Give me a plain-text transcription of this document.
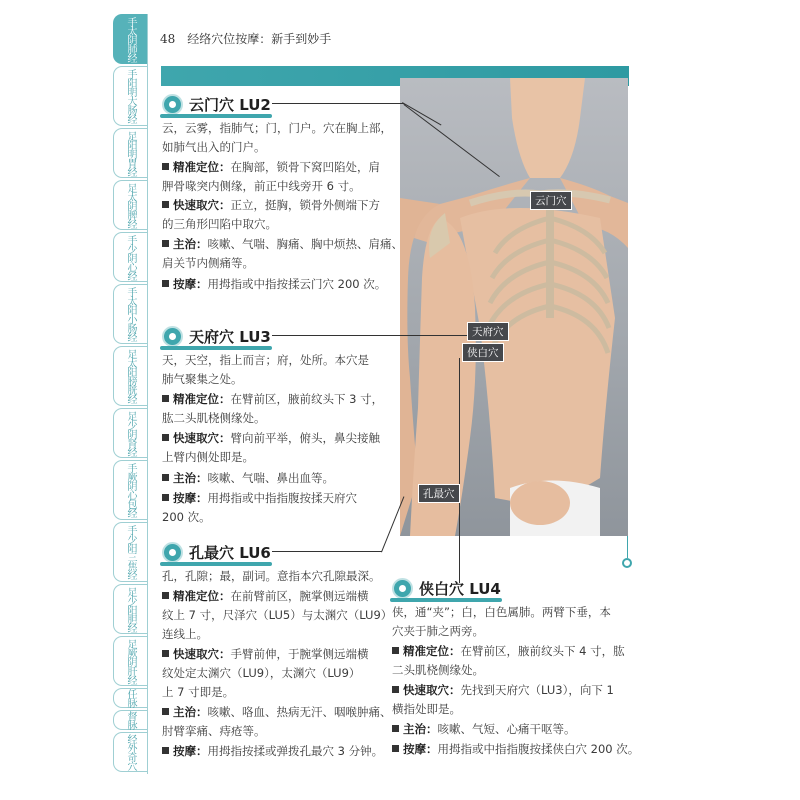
手太阴肺经
手阳明大肠经
足阳明胃经
足太阴脾经
手少阴心经
手太阳小肠经
足太阳膀胱经
足少阴肾经
手厥阴心包经
手少阳三焦经
足少阳胆经
足厥阴肝经
任脉
督脉
经外奇穴
48 经络穴位按摩：新手到妙手
云门穴
天府穴
侠白穴
孔最穴
云门穴 LU2
云，云雾，指肺气；门，门户。穴在胸上部，
如肺气出入的门户。
精准定位：在胸部，锁骨下窝凹陷处，肩
胛骨喙突内侧缘，前正中线旁开 6 寸。
快速取穴：正立，挺胸，锁骨外侧端下方
的三角形凹陷中取穴。
主治：咳嗽、气喘、胸痛、胸中烦热、肩痛、
肩关节内侧痛等。
按摩：用拇指或中指按揉云门穴 200 次。
天府穴 LU3
天，天空，指上而言；府，处所。本穴是
肺气聚集之处。
精准定位：在臂前区，腋前纹头下 3 寸，
肱二头肌桡侧缘处。
快速取穴：臂向前平举，俯头，鼻尖接触
上臂内侧处即是。
主治：咳嗽、气喘、鼻出血等。
按摩：用拇指或中指指腹按揉天府穴
200 次。
孔最穴 LU6
孔，孔隙；最，副词。意指本穴孔隙最深。
精准定位：在前臂前区，腕掌侧远端横
纹上 7 寸，尺泽穴（LU5）与太渊穴（LU9）
连线上。
快速取穴：手臂前伸，于腕掌侧远端横
纹处定太渊穴（LU9），太渊穴（LU9）
上 7 寸即是。
主治：咳嗽、咯血、热病无汗、咽喉肿痛、
肘臂挛痛、痔疮等。
按摩：用拇指按揉或弹拨孔最穴 3 分钟。
侠白穴 LU4
侠，通“夹”；白，白色属肺。两臂下垂，本
穴夹于肺之两旁。
精准定位：在臂前区，腋前纹头下 4 寸，肱
二头肌桡侧缘处。
快速取穴：先找到天府穴（LU3），向下 1
横指处即是。
主治：咳嗽、气短、心痛干呕等。
按摩：用拇指或中指指腹按揉侠白穴 200 次。
